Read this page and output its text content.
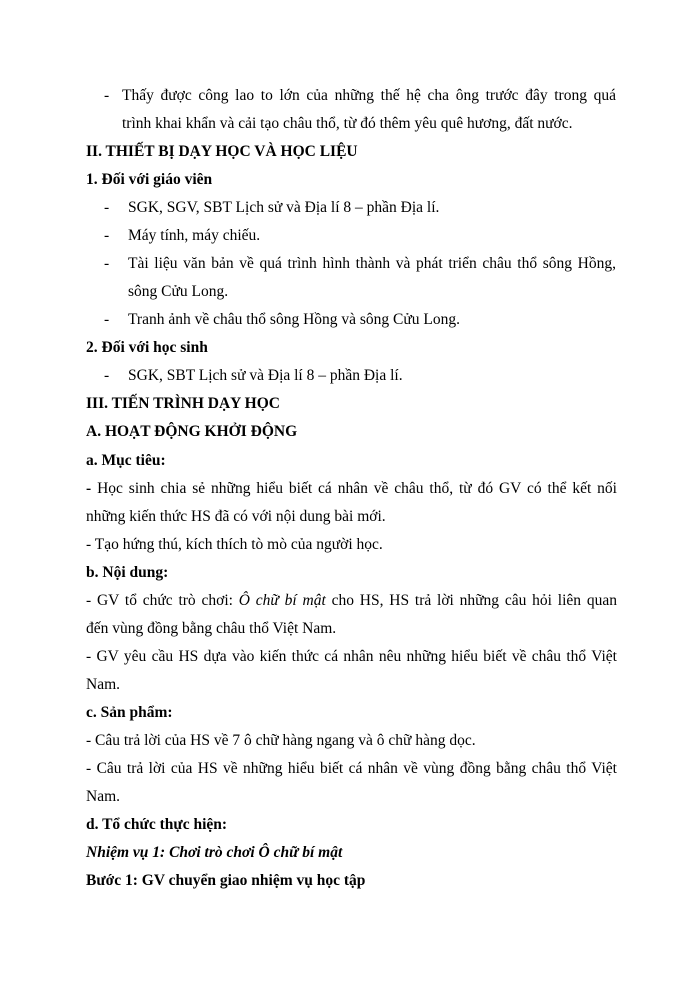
- Thấy được công lao to lớn của những thế hệ cha ông trước đây trong quá
trình khai khẩn và cải tạo châu thổ, từ đó thêm yêu quê hương, đất nước.
II. THIẾT BỊ DẠY HỌC VÀ HỌC LIỆU
1. Đối với giáo viên
- SGK, SGV, SBT Lịch sử và Địa lí 8 – phần Địa lí.
- Máy tính, máy chiếu.
- Tài liệu văn bản về quá trình hình thành và phát triển châu thổ sông Hồng,
sông Cửu Long.
- Tranh ảnh về châu thổ sông Hồng và sông Cửu Long.
2. Đối với học sinh
- SGK, SBT Lịch sử và Địa lí 8 – phần Địa lí.
III. TIẾN TRÌNH DẠY HỌC
A. HOẠT ĐỘNG KHỞI ĐỘNG
a. Mục tiêu:
- Học sinh chia sẻ những hiểu biết cá nhân về châu thổ, từ đó GV có thể kết nối
những kiến thức HS đã có với nội dung bài mới.
- Tạo hứng thú, kích thích tò mò của người học.
b. Nội dung:
- GV tổ chức trò chơi: Ô chữ bí mật cho HS, HS trả lời những câu hỏi liên quan
đến vùng đồng bằng châu thổ Việt Nam.
- GV yêu cầu HS dựa vào kiến thức cá nhân nêu những hiểu biết về châu thổ Việt
Nam.
c. Sản phẩm:
- Câu trả lời của HS về 7 ô chữ hàng ngang và ô chữ hàng dọc.
- Câu trả lời của HS về những hiểu biết cá nhân về vùng đồng bằng châu thổ Việt
Nam.
d. Tổ chức thực hiện:
Nhiệm vụ 1: Chơi trò chơi Ô chữ bí mật
Bước 1: GV chuyển giao nhiệm vụ học tập
